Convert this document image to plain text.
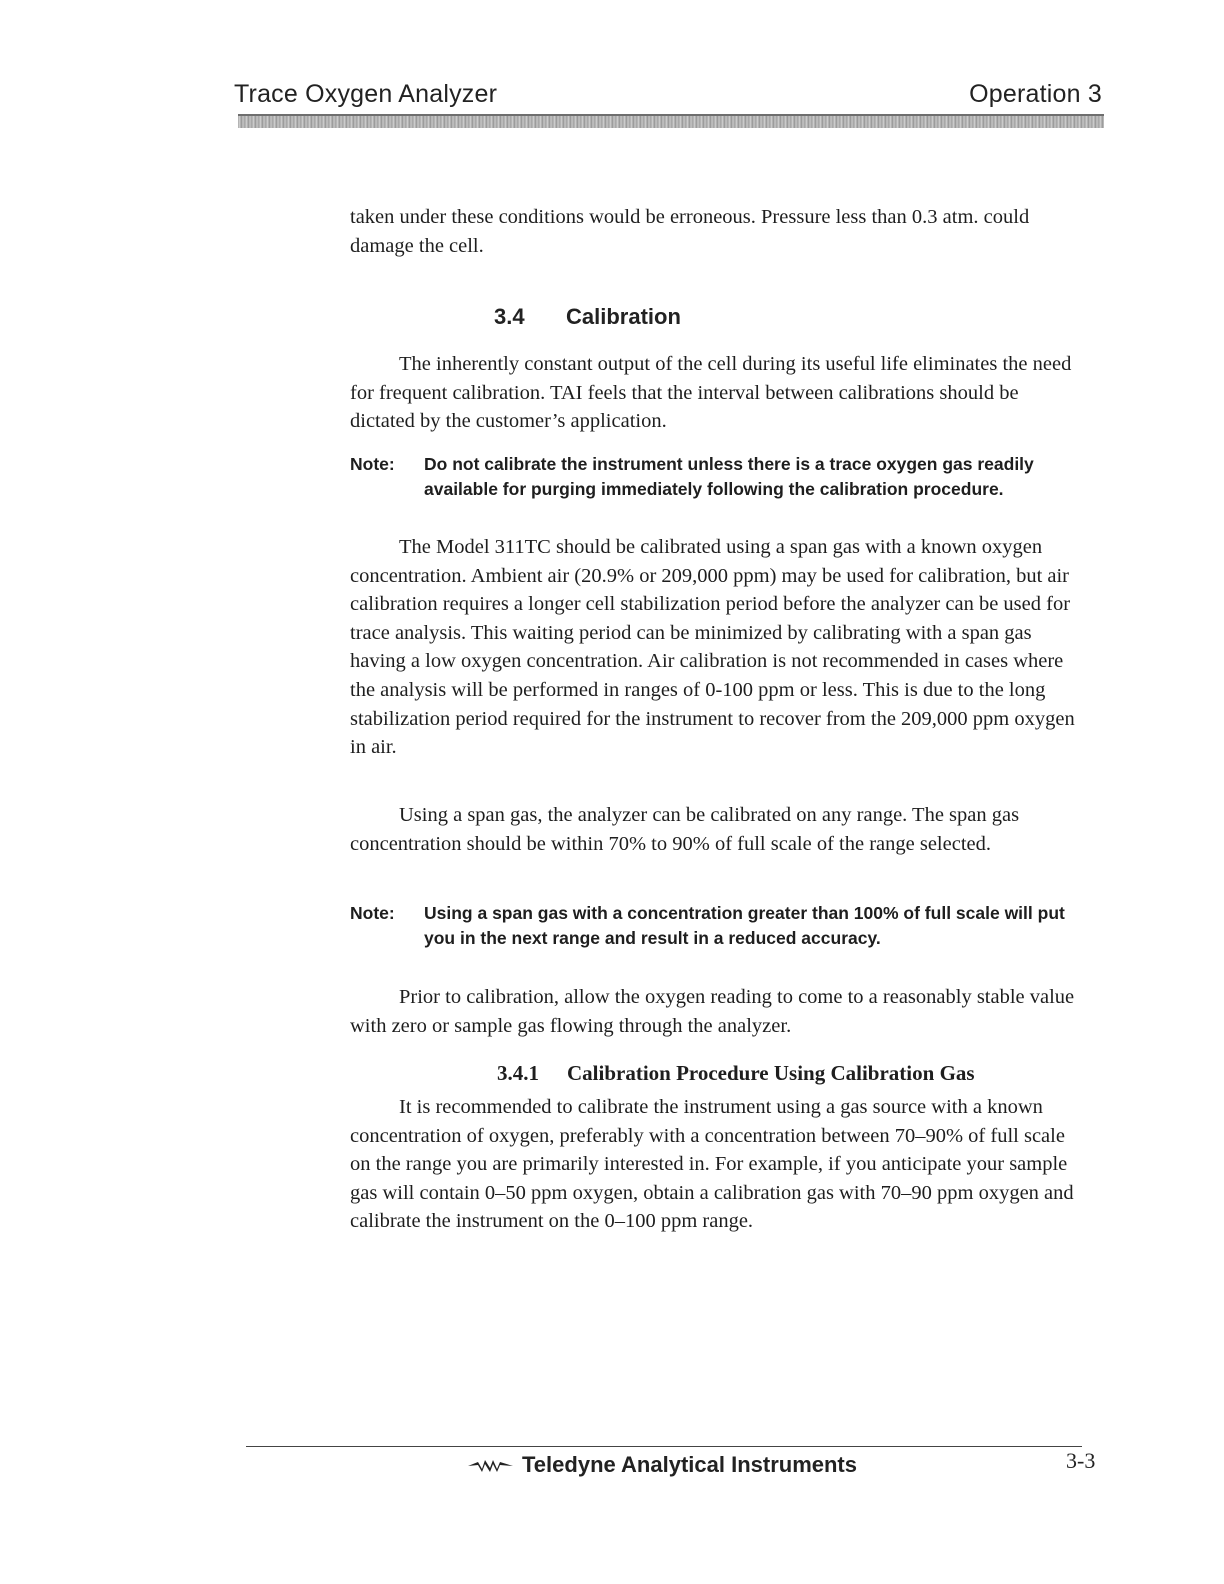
Trace Oxygen Analyzer	Operation 3

taken under these conditions would be erroneous. Pressure less than 0.3 atm. could damage the cell.

3.4 Calibration

The inherently constant output of the cell during its useful life eliminates the need for frequent calibration. TAI feels that the interval between calibrations should be dictated by the customer’s application.

Note: Do not calibrate the instrument unless there is a trace oxygen gas readily available for purging immediately following the calibration procedure.

The Model 311TC should be calibrated using a span gas with a known oxygen concentration. Ambient air (20.9% or 209,000 ppm) may be used for calibration, but air calibration requires a longer cell stabilization period before the analyzer can be used for trace analysis. This waiting period can be minimized by calibrating with a span gas having a low oxygen concentration. Air calibration is not recommended in cases where the analysis will be performed in ranges of 0-100 ppm or less. This is due to the long stabilization period required for the instrument to recover from the 209,000 ppm oxygen in air.

Using a span gas, the analyzer can be calibrated on any range. The span gas concentration should be within 70% to 90% of full scale of the range selected.

Note: Using a span gas with a concentration greater than 100% of full scale will put you in the next range and result in a reduced accuracy.

Prior to calibration, allow the oxygen reading to come to a reasonably stable value with zero or sample gas flowing through the analyzer.

3.4.1 Calibration Procedure Using Calibration Gas

It is recommended to calibrate the instrument using a gas source with a known concentration of oxygen, preferably with a concentration between 70–90% of full scale on the range you are primarily interested in. For example, if you anticipate your sample gas will contain 0–50 ppm oxygen, obtain a calibration gas with 70–90 ppm oxygen and calibrate the instrument on the 0–100 ppm range.

Teledyne Analytical Instruments	3-3
